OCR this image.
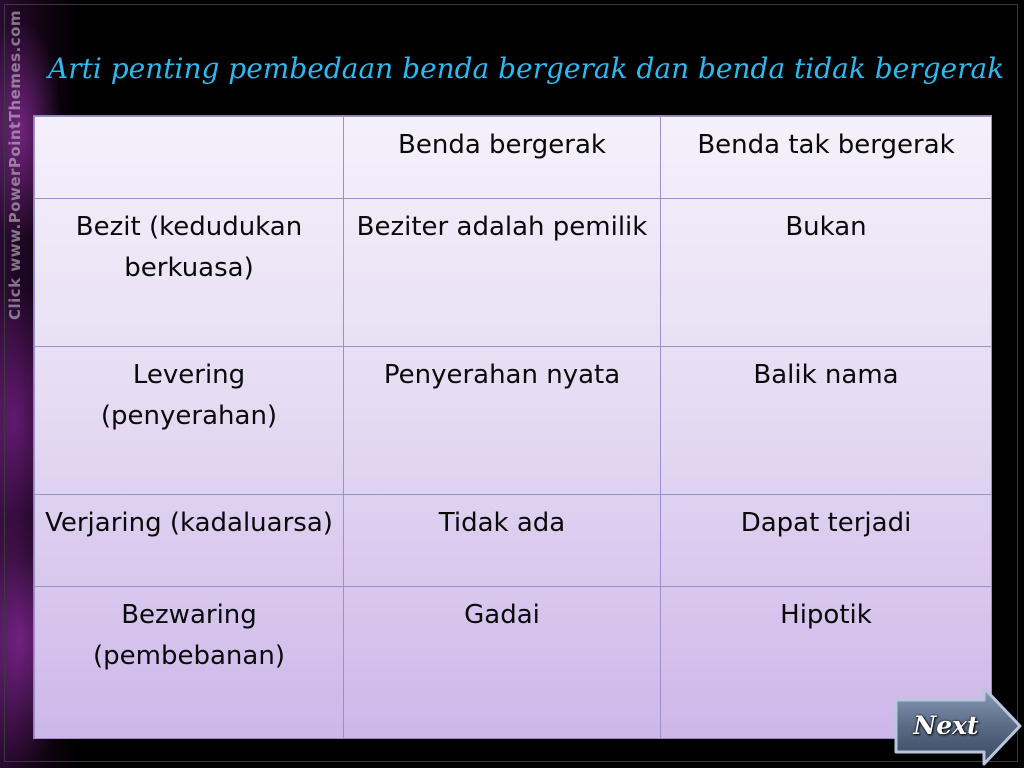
Click www.PowerPointThemes.com Arti penting pembedaan benda bergerak dan benda tidak bergerak
	Benda bergerak	Benda tak bergerak
Bezit (kedudukan berkuasa)	Beziter adalah pemilik	Bukan
Levering (penyerahan)	Penyerahan nyata	Balik nama
Verjaring (kadaluarsa)	Tidak ada	Dapat terjadi
Bezwaring (pembebanan)	Gadai	Hipotik
Next
